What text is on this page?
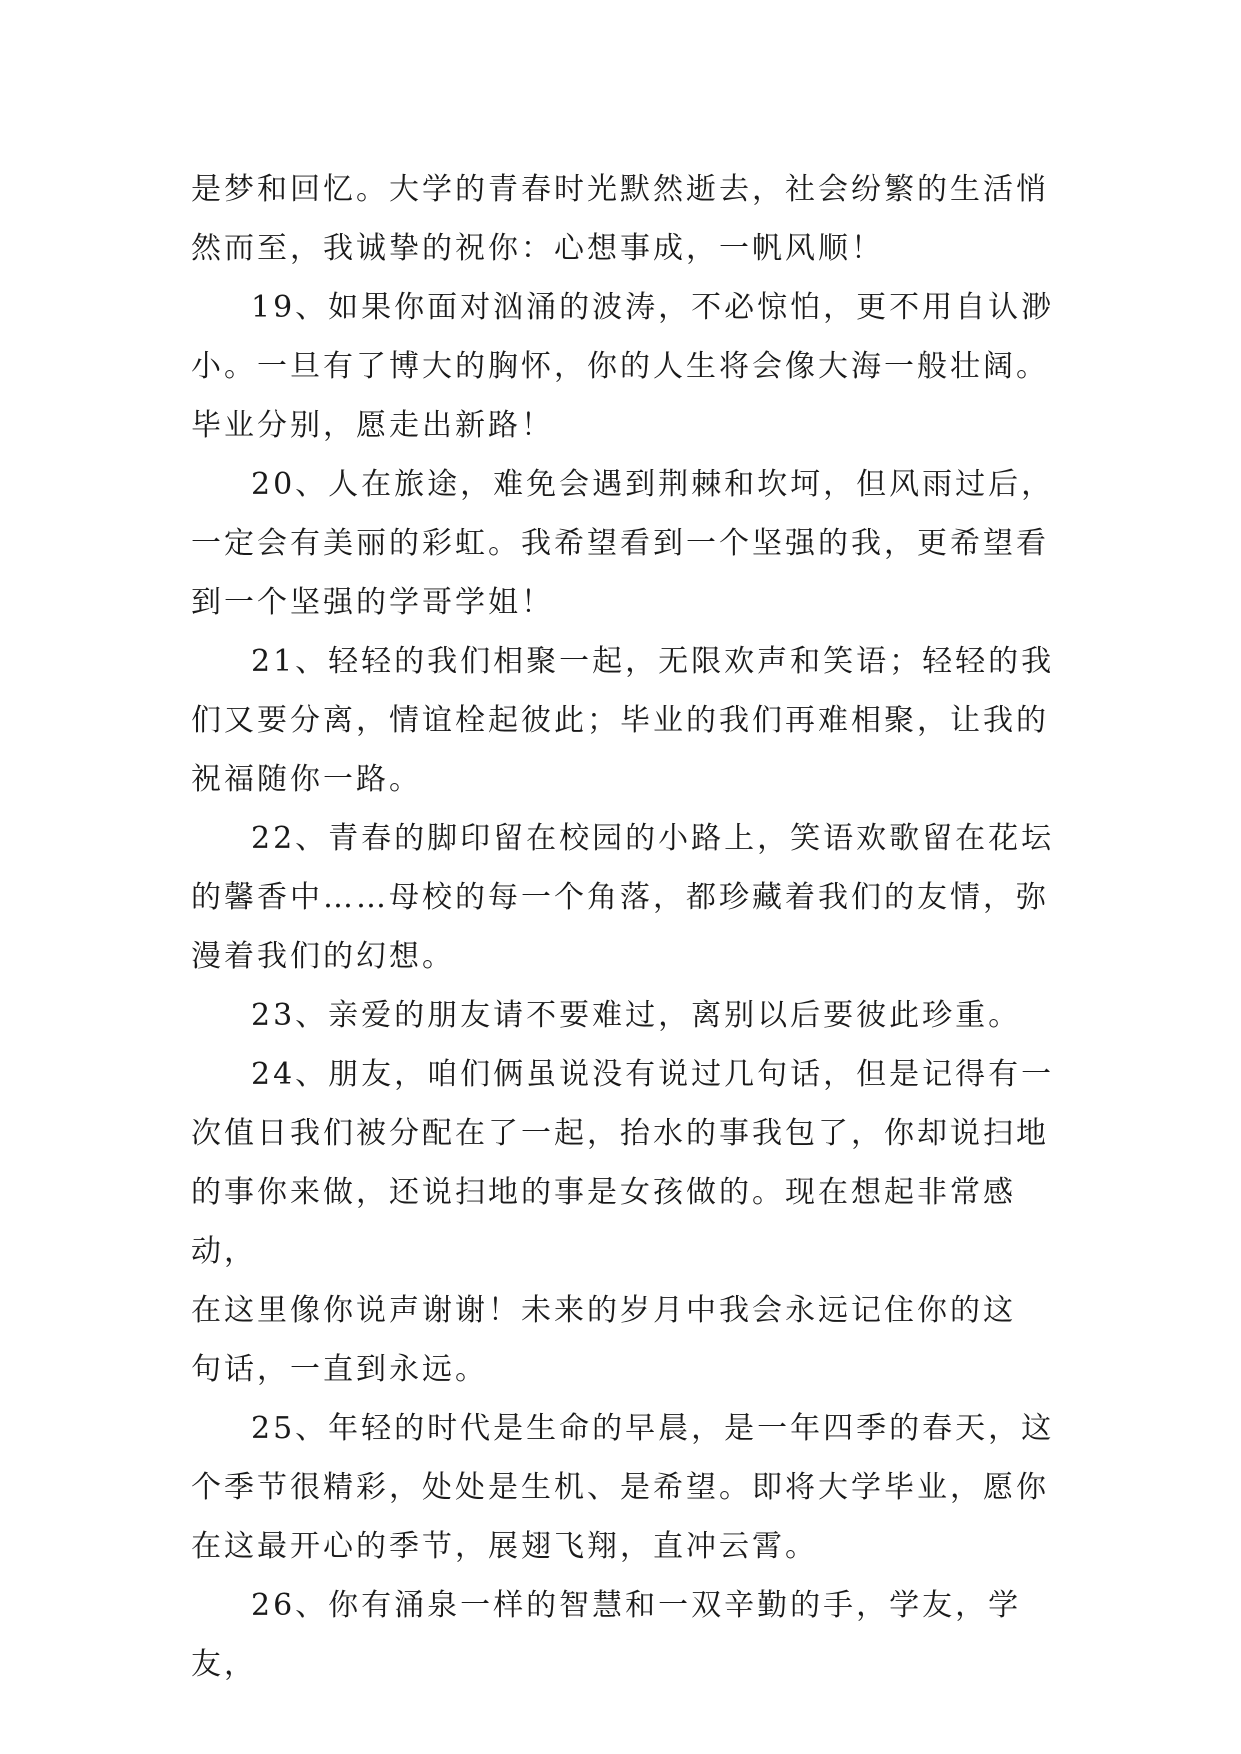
是梦和回忆。大学的青春时光默然逝去，社会纷繁的生活悄
然而至，我诚挚的祝你：心想事成，一帆风顺！

19、如果你面对汹涌的波涛，不必惊怕，更不用自认渺
小。一旦有了博大的胸怀，你的人生将会像大海一般壮阔。
毕业分别，愿走出新路！

20、人在旅途，难免会遇到荆棘和坎坷，但风雨过后，
一定会有美丽的彩虹。我希望看到一个坚强的我，更希望看
到一个坚强的学哥学姐！

21、轻轻的我们相聚一起，无限欢声和笑语；轻轻的我
们又要分离，情谊栓起彼此；毕业的我们再难相聚，让我的
祝福随你一路。

22、青春的脚印留在校园的小路上，笑语欢歌留在花坛
的馨香中……母校的每一个角落，都珍藏着我们的友情，弥
漫着我们的幻想。

23、亲爱的朋友请不要难过，离别以后要彼此珍重。

24、朋友，咱们俩虽说没有说过几句话，但是记得有一
次值日我们被分配在了一起，抬水的事我包了，你却说扫地
的事你来做，还说扫地的事是女孩做的。现在想起非常感动，
在这里像你说声谢谢！未来的岁月中我会永远记住你的这
句话，一直到永远。

25、年轻的时代是生命的早晨，是一年四季的春天，这
个季节很精彩，处处是生机、是希望。即将大学毕业，愿你
在这最开心的季节，展翅飞翔，直冲云霄。

26、你有涌泉一样的智慧和一双辛勤的手，学友，学友，
